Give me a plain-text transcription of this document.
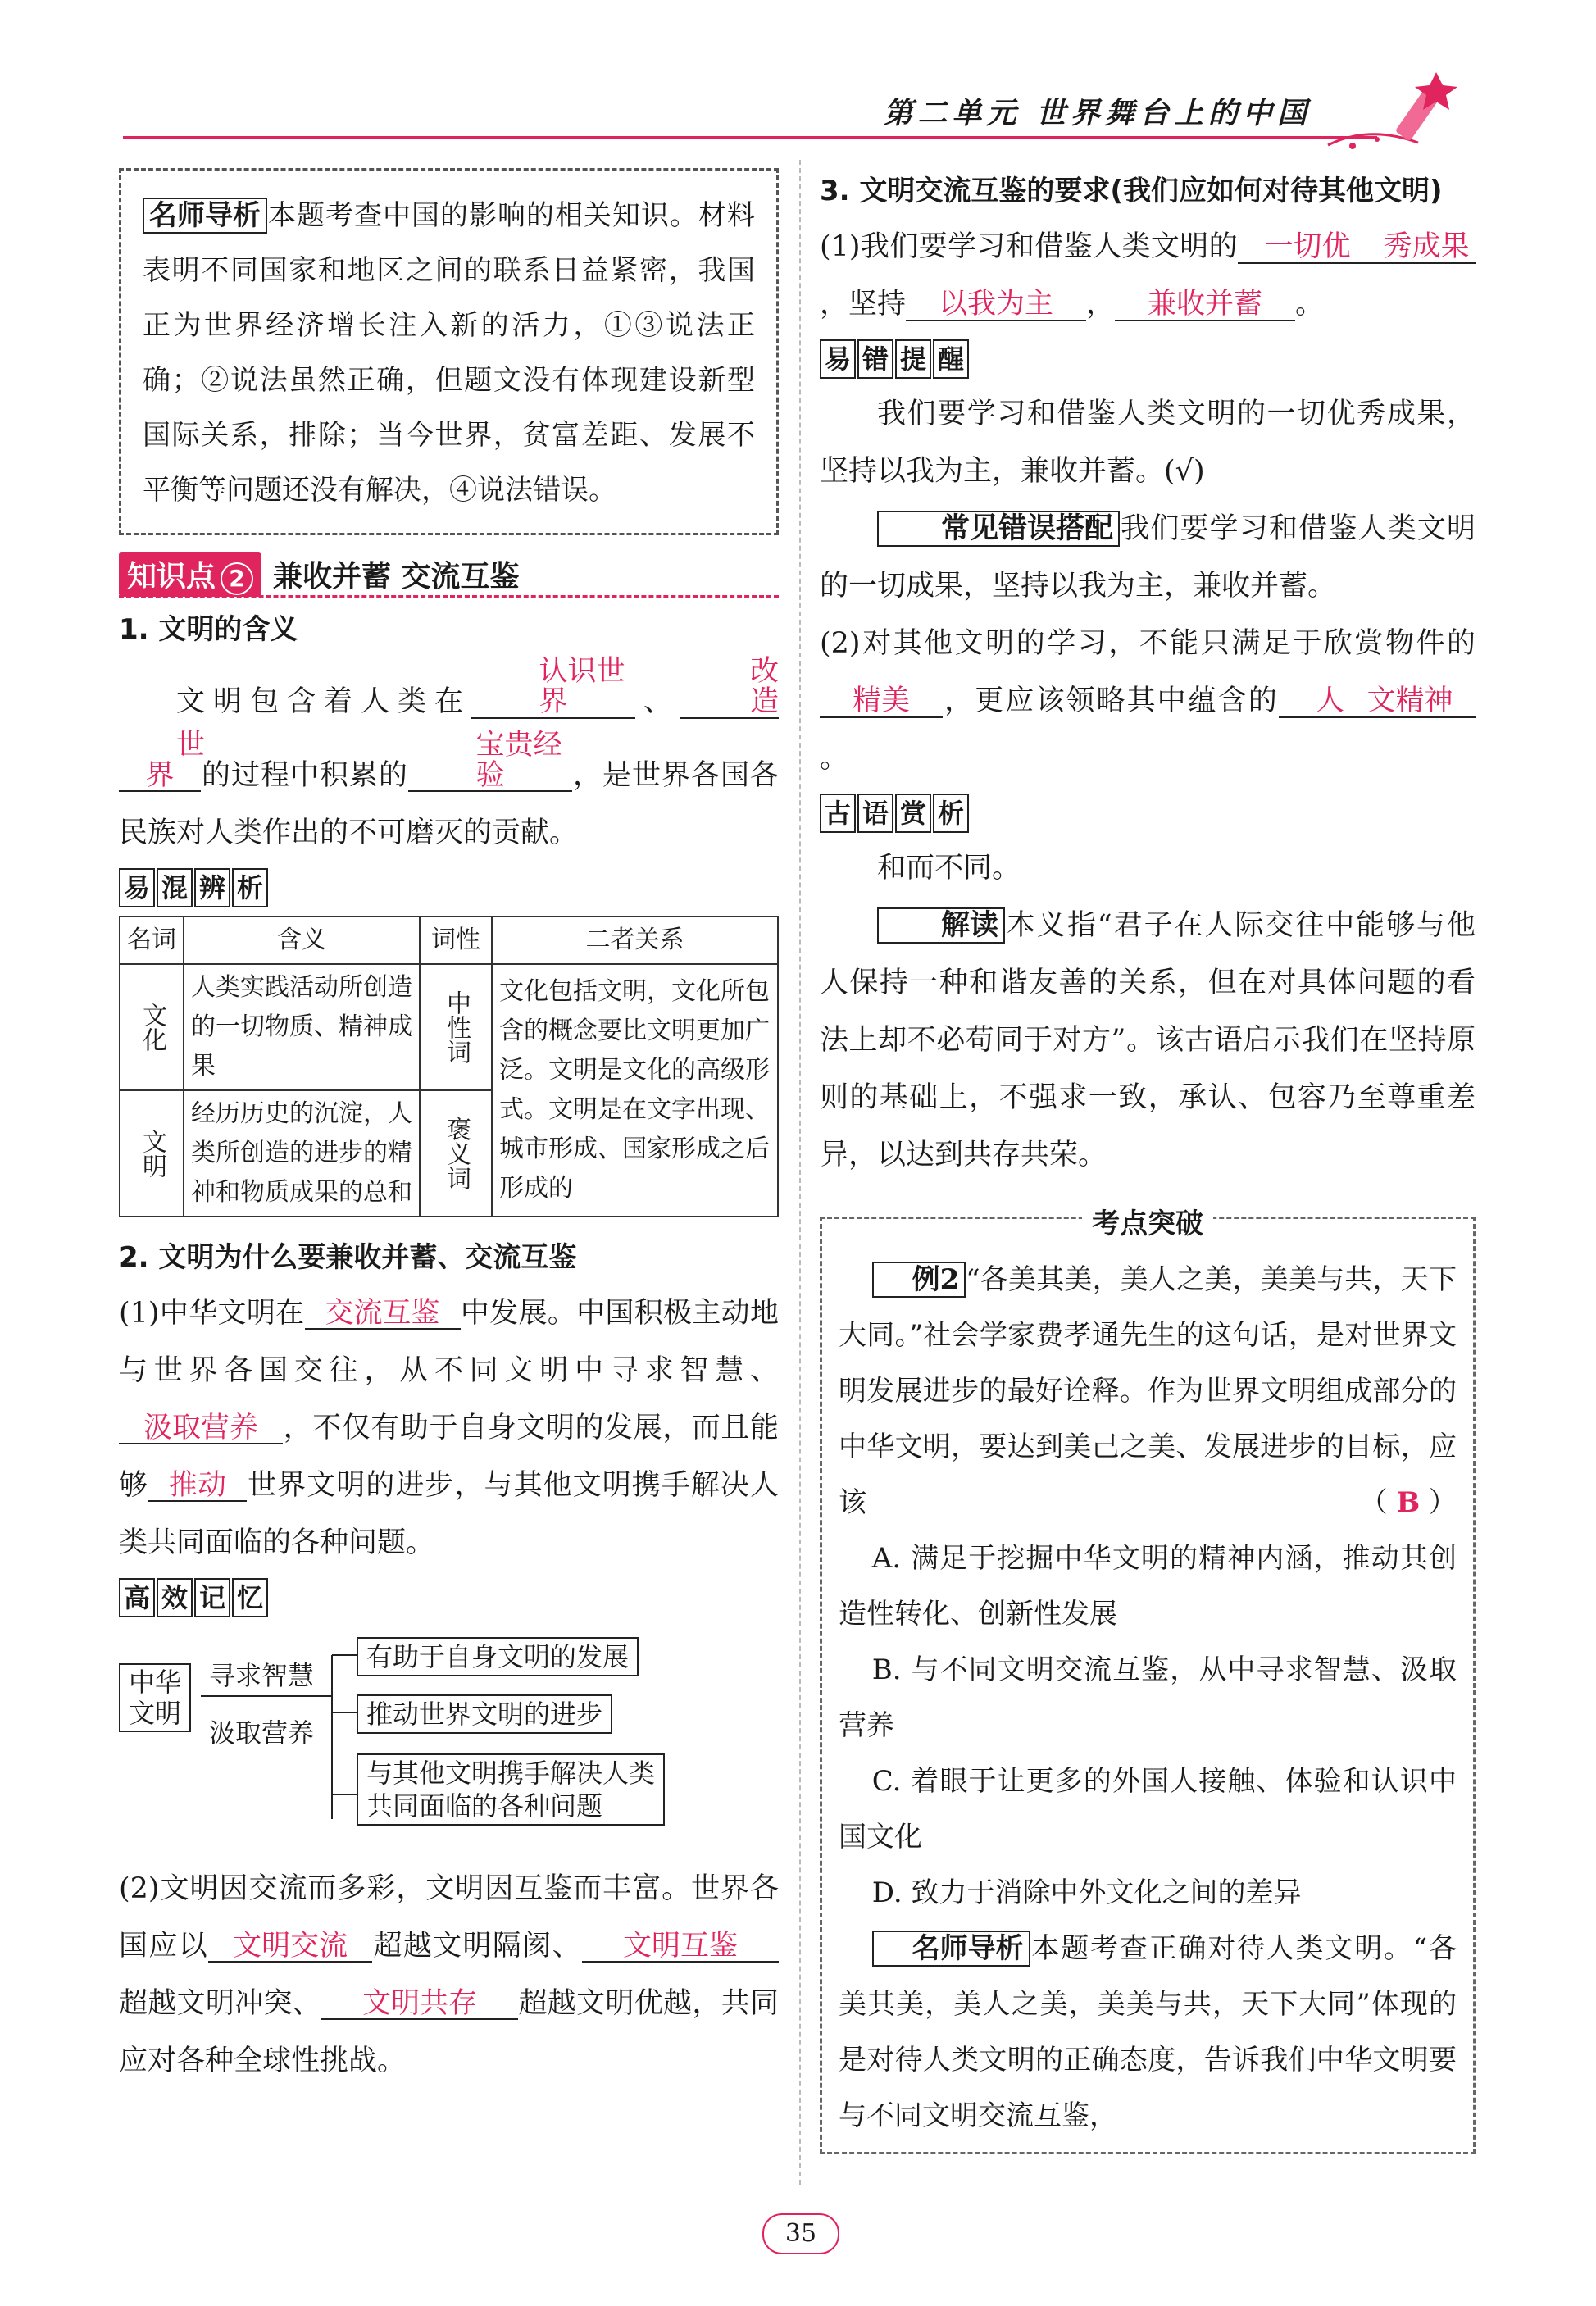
第二单元 世界舞台上的中国
名师导析 本题考查中国的影响的相关知识。材料表明不同国家和地区之间的联系日益紧密，我国正为世界经济增长注入新的活力，①③说法正确；②说法虽然正确，但题文没有体现建设新型国际关系，排除；当今世界，贫富差距、发展不平衡等问题还没有解决，④说法错误。
知识点 2 兼收并蓄 交流互鉴
1. 文明的含义
文明包含着人类在认识世界 、改造世界 的过程中积累的宝贵经验 ，是世界各国各民族对人类作出的不可磨灭的贡献。
易 混 辨 析
名词	含义	词性	二者关系
文化	人类实践活动所创造的一切物质、精神成果	中性词	文化包括文明，文化所包含的概念要比文明更加广泛。文明是文化的高级形式。文明是在文字出现、城市形成、国家形成之后形成的
文明	经历历史的沉淀，人类所创造的进步的精神和物质成果的总和	褒义词	
2. 文明为什么要兼收并蓄、交流互鉴
(1)中华文明在 交流互鉴 中发展。中国积极主动地与世界各国交往，从不同文明中寻求智慧、汲取营养 ，不仅有助于自身文明的发展，而且能够 推动 世界文明的进步，与其他文明携手解决人类共同面临的各种问题。
高 效 记 忆
中华
文明
寻求智慧
汲取营养
有助于自身文明的发展
推动世界文明的进步
与其他文明携手解决人类
共同面临的各种问题
(2)文明因交流而多彩，文明因互鉴而丰富。世界各国应以 文明交流 超越文明隔阂、 文明互鉴超越文明冲突、 文明共存 超越文明优越，共同应对各种全球性挑战。
3. 文明交流互鉴的要求(我们应如何对待其他文明)
(1)我们要学习和借鉴人类文明的 一切优 秀成果，坚持 以我为主 ， 兼收并蓄 。
易 错 提 醒
我们要学习和借鉴人类文明的一切优秀成果，坚持以我为主，兼收并蓄。(√)
常见错误搭配 我们要学习和借鉴人类文明的一切成果，坚持以我为主，兼收并蓄。
(2)对其他文明的学习，不能只满足于欣赏物件的精美 ，更应该领略其中蕴含的 人 文精神。
古 语 赏 析
和而不同。
解读 本义指“君子在人际交往中能够与他人保持一种和谐友善的关系，但在对具体问题的看法上却不必苟同于对方”。该古语启示我们在坚持原则的基础上，不强求一致，承认、包容乃至尊重差异，以达到共存共荣。
考点突破
例2 “各美其美，美人之美，美美与共，天下大同。”社会学家费孝通先生的这句话，是对世界文明发展进步的最好诠释。作为世界文明组成部分的中华文明，要达到美己之美、发展进步的目标，应该	（ B ）
A. 满足于挖掘中华文明的精神内涵，推动其创造性转化、创新性发展
B. 与不同文明交流互鉴，从中寻求智慧、汲取营养
C. 着眼于让更多的外国人接触、体验和认识中国文化
D. 致力于消除中外文化之间的差异
名师导析 本题考查正确对待人类文明。“各美其美，美人之美，美美与共，天下大同”体现的是对待人类文明的正确态度，告诉我们中华文明要与不同文明交流互鉴，
35
